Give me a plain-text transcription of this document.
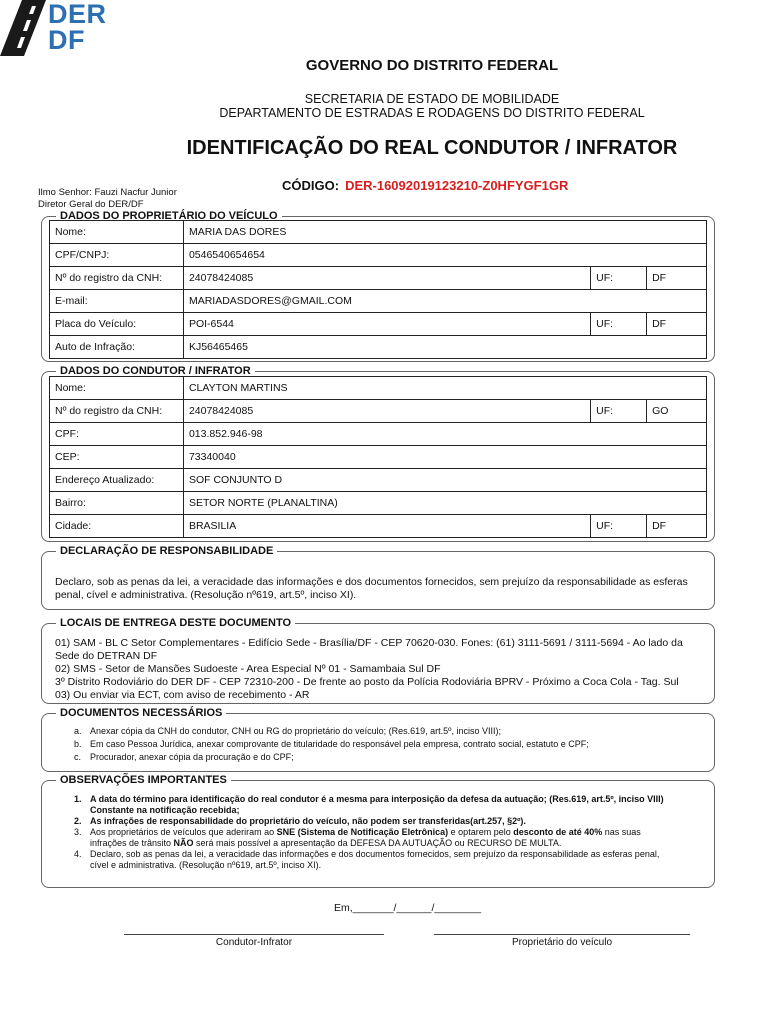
DER
DF
GOVERNO DO DISTRITO FEDERAL
SECRETARIA DE ESTADO DE MOBILIDADE
DEPARTAMENTO DE ESTRADAS E RODAGENS DO DISTRITO FEDERAL
IDENTIFICAÇÃO DO REAL CONDUTOR / INFRATOR
CÓDIGO: DER-16092019123210-Z0HFYGF1GR
Ilmo Senhor: Fauzi Nacfur Junior
Diretor Geral do DER/DF
DADOS DO PROPRIETÁRIO DO VEÍCULO
Nome:	MARIA DAS DORES		
CPF/CNPJ:	0546540654654		
Nº do registro da CNH:	24078424085	UF:	DF
E-mail:	MARIADASDORES@GMAIL.COM		
Placa do Veículo:	POI-6544	UF:	DF
Auto de Infração:	KJ56465465		
DADOS DO CONDUTOR / INFRATOR
Nome:	CLAYTON MARTINS		
Nº do registro da CNH:	24078424085	UF:	GO
CPF:	013.852.946-98		
CEP:	73340040		
Endereço Atualizado:	SOF CONJUNTO D		
Bairro:	SETOR NORTE (PLANALTINA)		
Cidade:	BRASILIA	UF:	DF
DECLARAÇÃO DE RESPONSABILIDADE
Declaro, sob as penas da lei, a veracidade das informações e dos documentos fornecidos, sem prejuízo da responsabilidade as esferas
penal, cível e administrativa. (Resolução nº619, art.5º, inciso XI).
LOCAIS DE ENTREGA DESTE DOCUMENTO
01) SAM - BL C Setor Complementares - Edifício Sede - Brasília/DF - CEP 70620-030. Fones: (61) 3111-5691 / 3111-5694 - Ao lado da
Sede do DETRAN DF
02) SMS - Setor de Mansões Sudoeste - Area Especial Nº 01 - Samambaia Sul DF
3º Distrito Rodoviário do DER DF - CEP 72310-200 - De frente ao posto da Polícia Rodoviária BPRV - Próximo a Coca Cola - Tag. Sul
03) Ou enviar via ECT, com aviso de recebimento - AR
DOCUMENTOS NECESSÁRIOS
a. Anexar cópia da CNH do condutor, CNH ou RG do proprietário do veículo; (Res.619, art.5º, inciso VIII);
b. Em caso Pessoa Jurídica, anexar comprovante de titularidade do responsável pela empresa, contrato social, estatuto e CPF;
c. Procurador, anexar cópia da procuração e do CPF;
OBSERVAÇÕES IMPORTANTES
1. A data do término para identificação do real condutor é a mesma para interposição da defesa da autuação; (Res.619, art.5º, inciso VIII)
Constante na notificação recebida;
2. As infrações de responsabilidade do proprietário do veículo, não podem ser transferidas(art.257, §2º).
3. Aos proprietários de veículos que aderiram ao SNE (Sistema de Notificação Eletrônica) e optarem pelo desconto de até 40% nas suas
infrações de trânsito NÃO será mais possível a apresentação da DEFESA DA AUTUAÇÃO ou RECURSO DE MULTA.
4. Declaro, sob as penas da lei, a veracidade das informações e dos documentos fornecidos, sem prejuízo da responsabilidade as esferas penal,
cível e administrativa. (Resolução nº619, art.5º, inciso XI).
Em,_______/______/________
Condutor-Infrator	Proprietário do veículo
